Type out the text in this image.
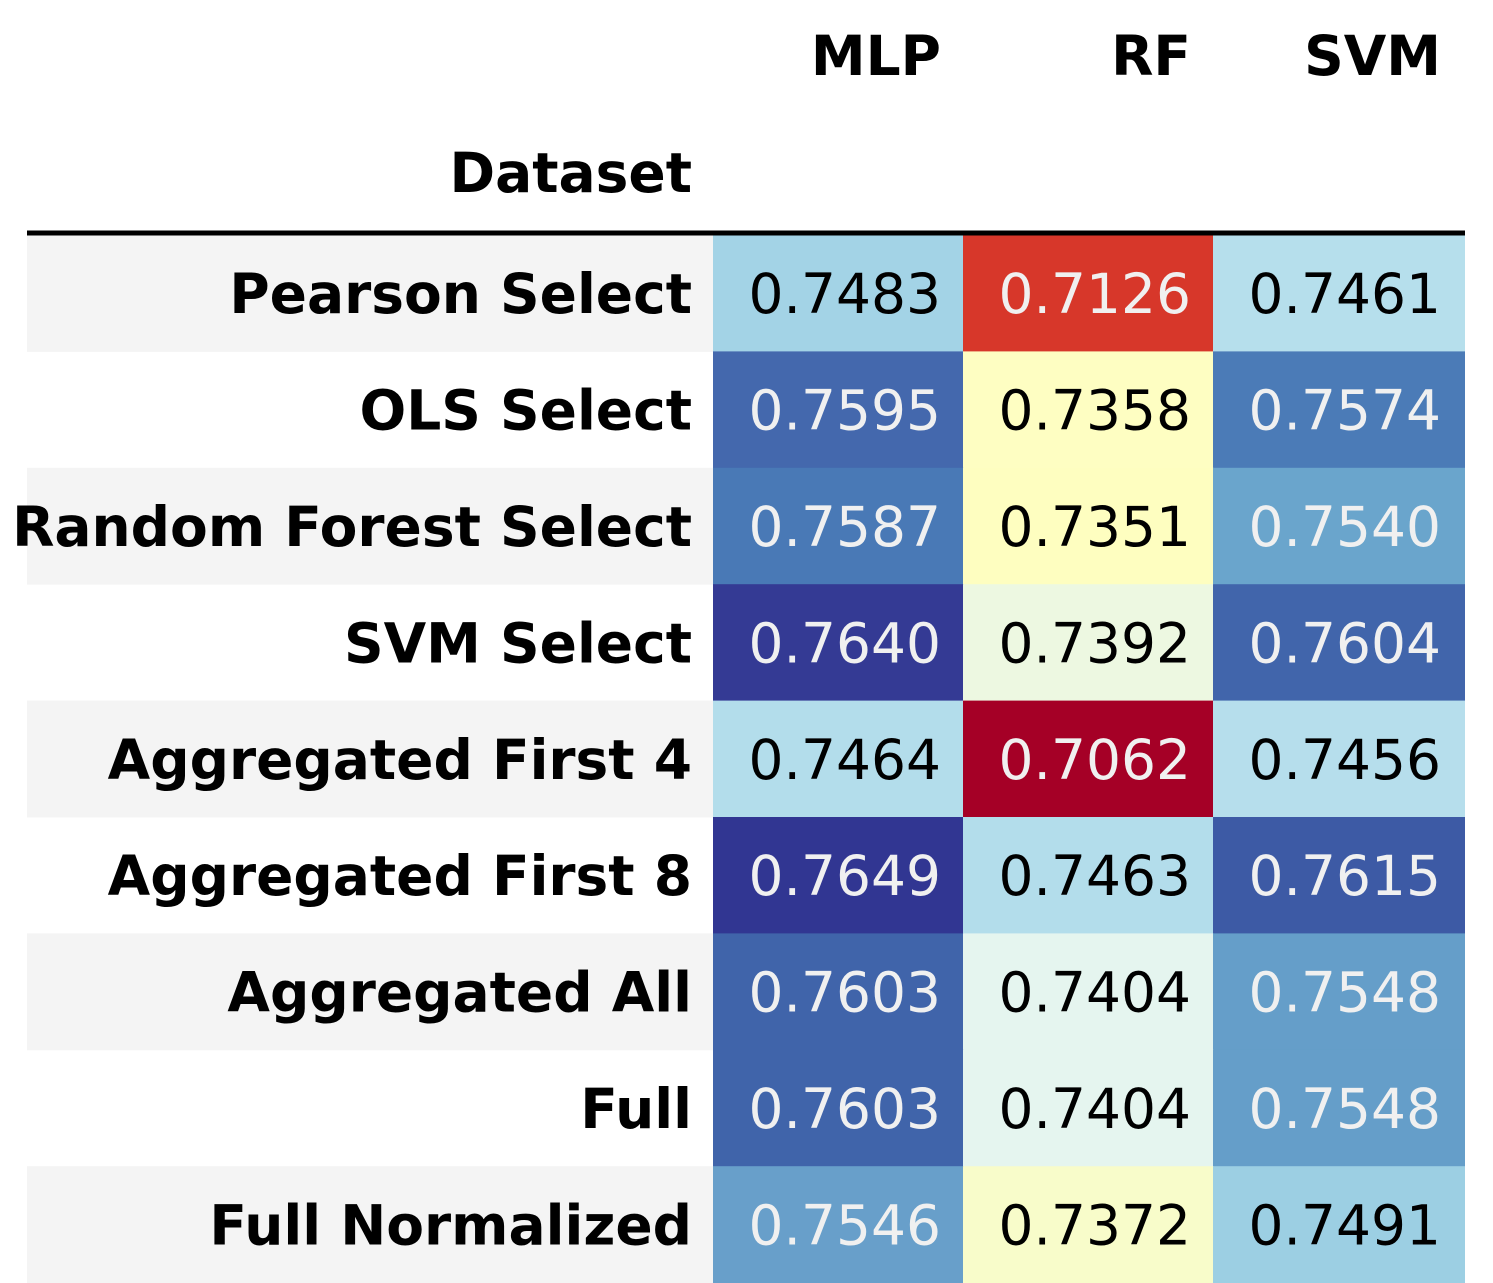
0.7483 0.7126 0.7461
0.7595 0.7358 0.7574
0.7587 0.7351 0.7540
0.7640 0.7392 0.7604
0.7464 0.7062 0.7456
0.7649 0.7463 0.7615
0.7603 0.7404 0.7548
0.7603 0.7404 0.7548
0.7546 0.7372 0.7491
MLP	RF SVM
Dataset
Pearson Select
OLS Select
Random Forest Select
SVM Select
Aggregated First 4
Aggregated First 8
Aggregated All
Full
Full Normalized
